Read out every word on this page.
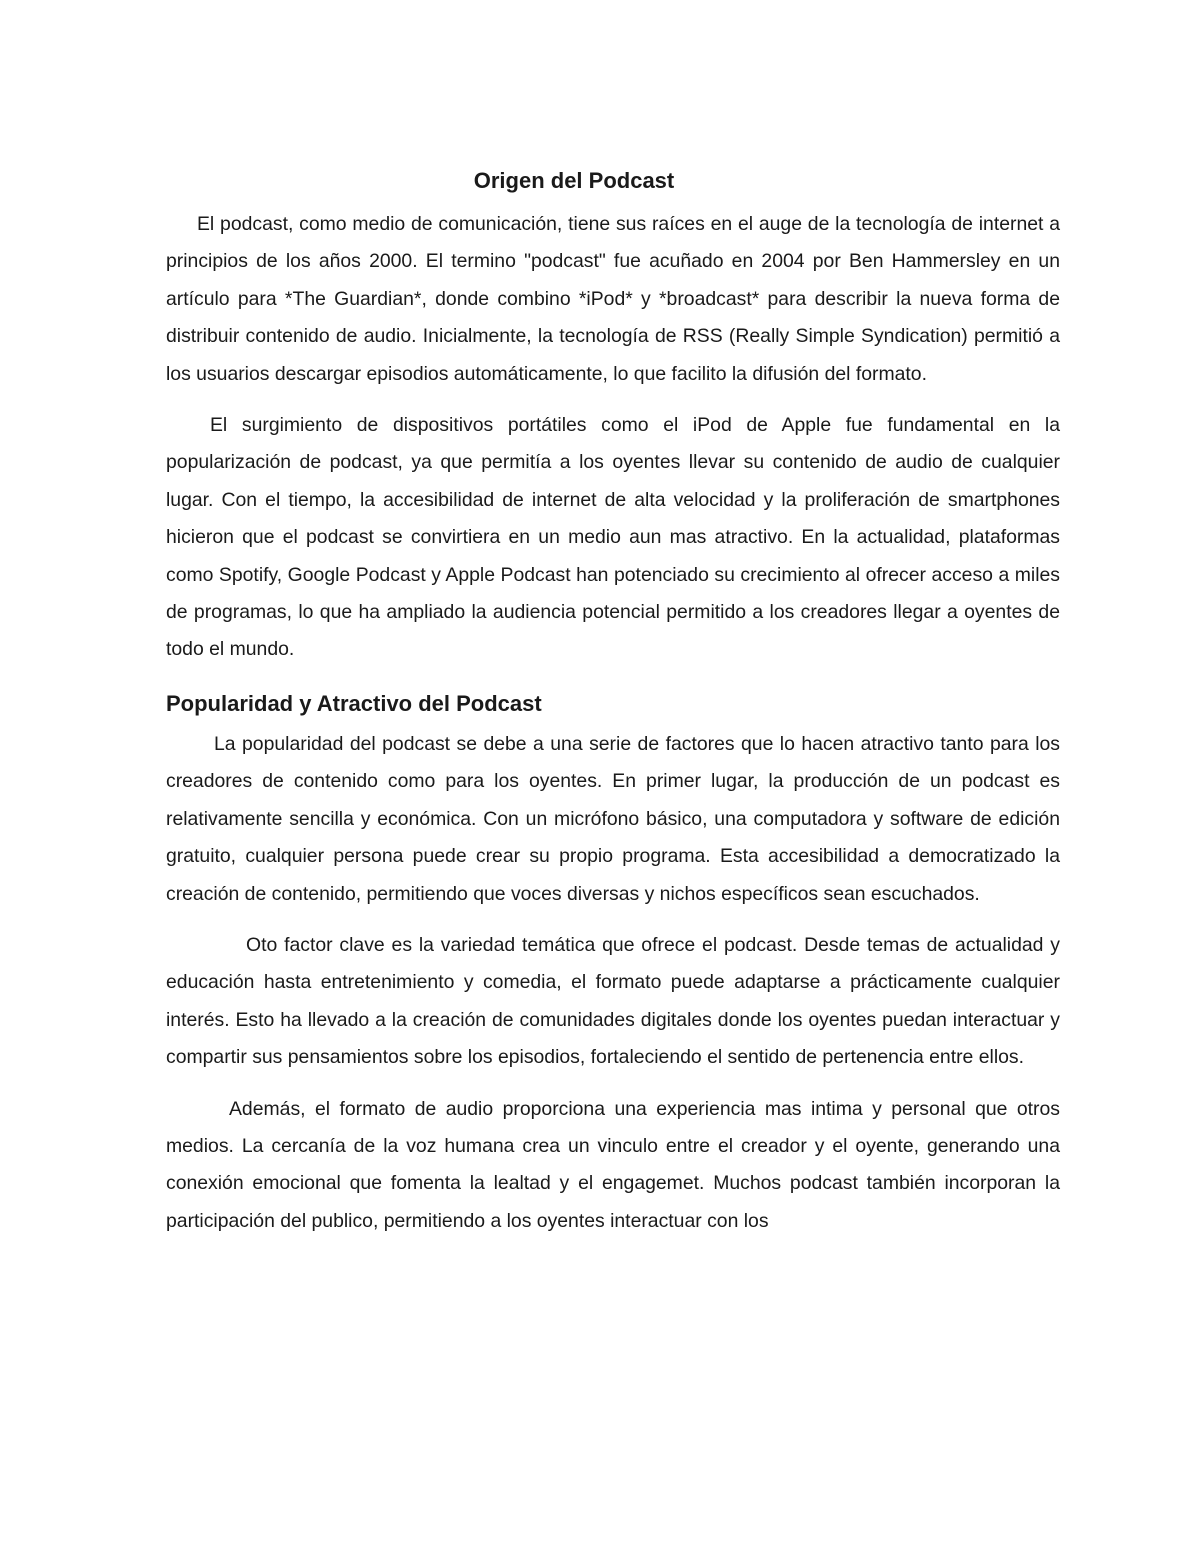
Origen del Podcast

El podcast, como medio de comunicación, tiene sus raíces en el auge de la tecnología de internet a principios de los años 2000. El termino "podcast" fue acuñado en 2004 por Ben Hammersley en un artículo para *The Guardian*, donde combino *iPod* y *broadcast* para describir la nueva forma de distribuir contenido de audio. Inicialmente, la tecnología de RSS (Really Simple Syndication) permitió a los usuarios descargar episodios automáticamente, lo que facilito la difusión del formato.

El surgimiento de dispositivos portátiles como el iPod de Apple fue fundamental en la popularización de podcast, ya que permitía a los oyentes llevar su contenido de audio de cualquier lugar. Con el tiempo, la accesibilidad de internet de alta velocidad y la proliferación de smartphones hicieron que el podcast se convirtiera en un medio aun mas atractivo. En la actualidad, plataformas como Spotify, Google Podcast y Apple Podcast han potenciado su crecimiento al ofrecer acceso a miles de programas, lo que ha ampliado la audiencia potencial permitido a los creadores llegar a oyentes de todo el mundo.

Popularidad y Atractivo del Podcast

La popularidad del podcast se debe a una serie de factores que lo hacen atractivo tanto para los creadores de contenido como para los oyentes. En primer lugar, la producción de un podcast es relativamente sencilla y económica. Con un micrófono básico, una computadora y software de edición gratuito, cualquier persona puede crear su propio programa. Esta accesibilidad a democratizado la creación de contenido, permitiendo que voces diversas y nichos específicos sean escuchados.

Oto factor clave es la variedad temática que ofrece el podcast. Desde temas de actualidad y educación hasta entretenimiento y comedia, el formato puede adaptarse a prácticamente cualquier interés. Esto ha llevado a la creación de comunidades digitales donde los oyentes puedan interactuar y compartir sus pensamientos sobre los episodios, fortaleciendo el sentido de pertenencia entre ellos.

Además, el formato de audio proporciona una experiencia mas intima y personal que otros medios. La cercanía de la voz humana crea un vinculo entre el creador y el oyente, generando una conexión emocional que fomenta la lealtad y el engagemet. Muchos podcast también incorporan la participación del publico, permitiendo a los oyentes interactuar con los
